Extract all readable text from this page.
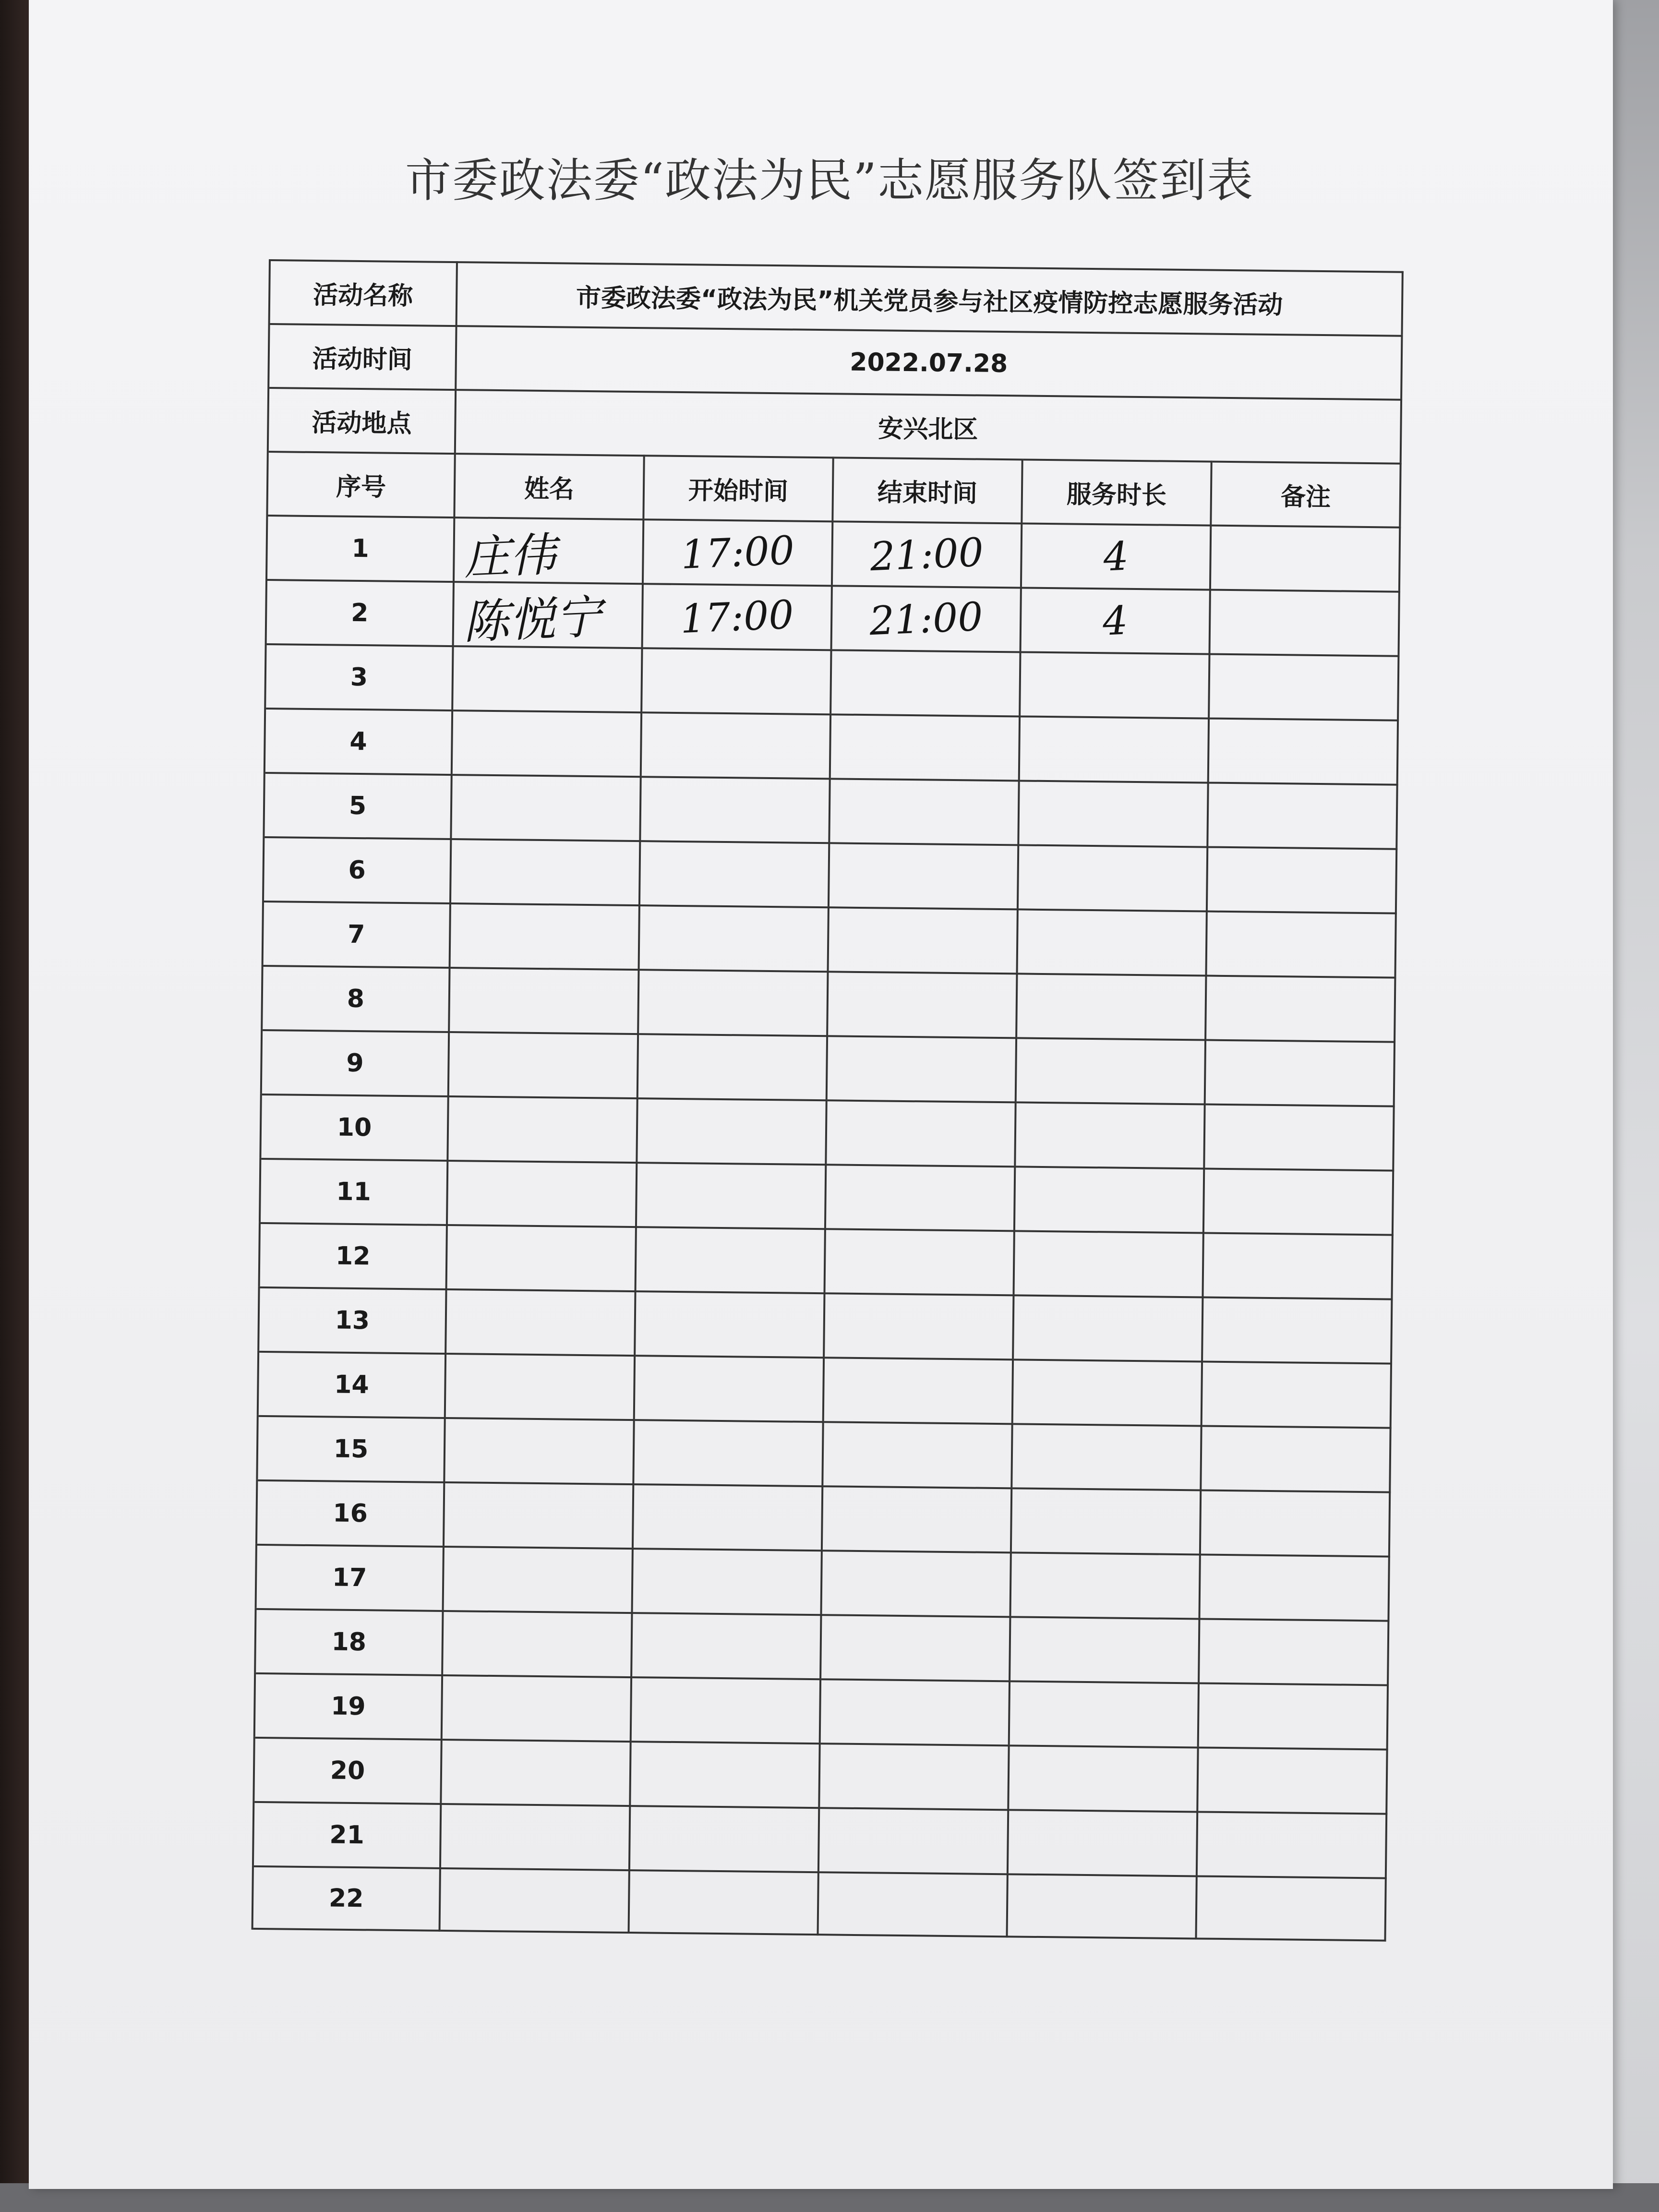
市委政法委“政法为民”志愿服务队签到表
活动名称	市委政法委“政法为民”机关党员参与社区疫情防控志愿服务活动
活动时间	2022.07.28
活动地点	安兴北区
序号	姓名	开始时间	结束时间	服务时长	备注
1	庄伟	17:00	21:00	4
2	陈悦宁	17:00	21:00	4
3
4
5
6
7
8
9
10
11
12
13
14
15
16
17
18
19
20
21
22
